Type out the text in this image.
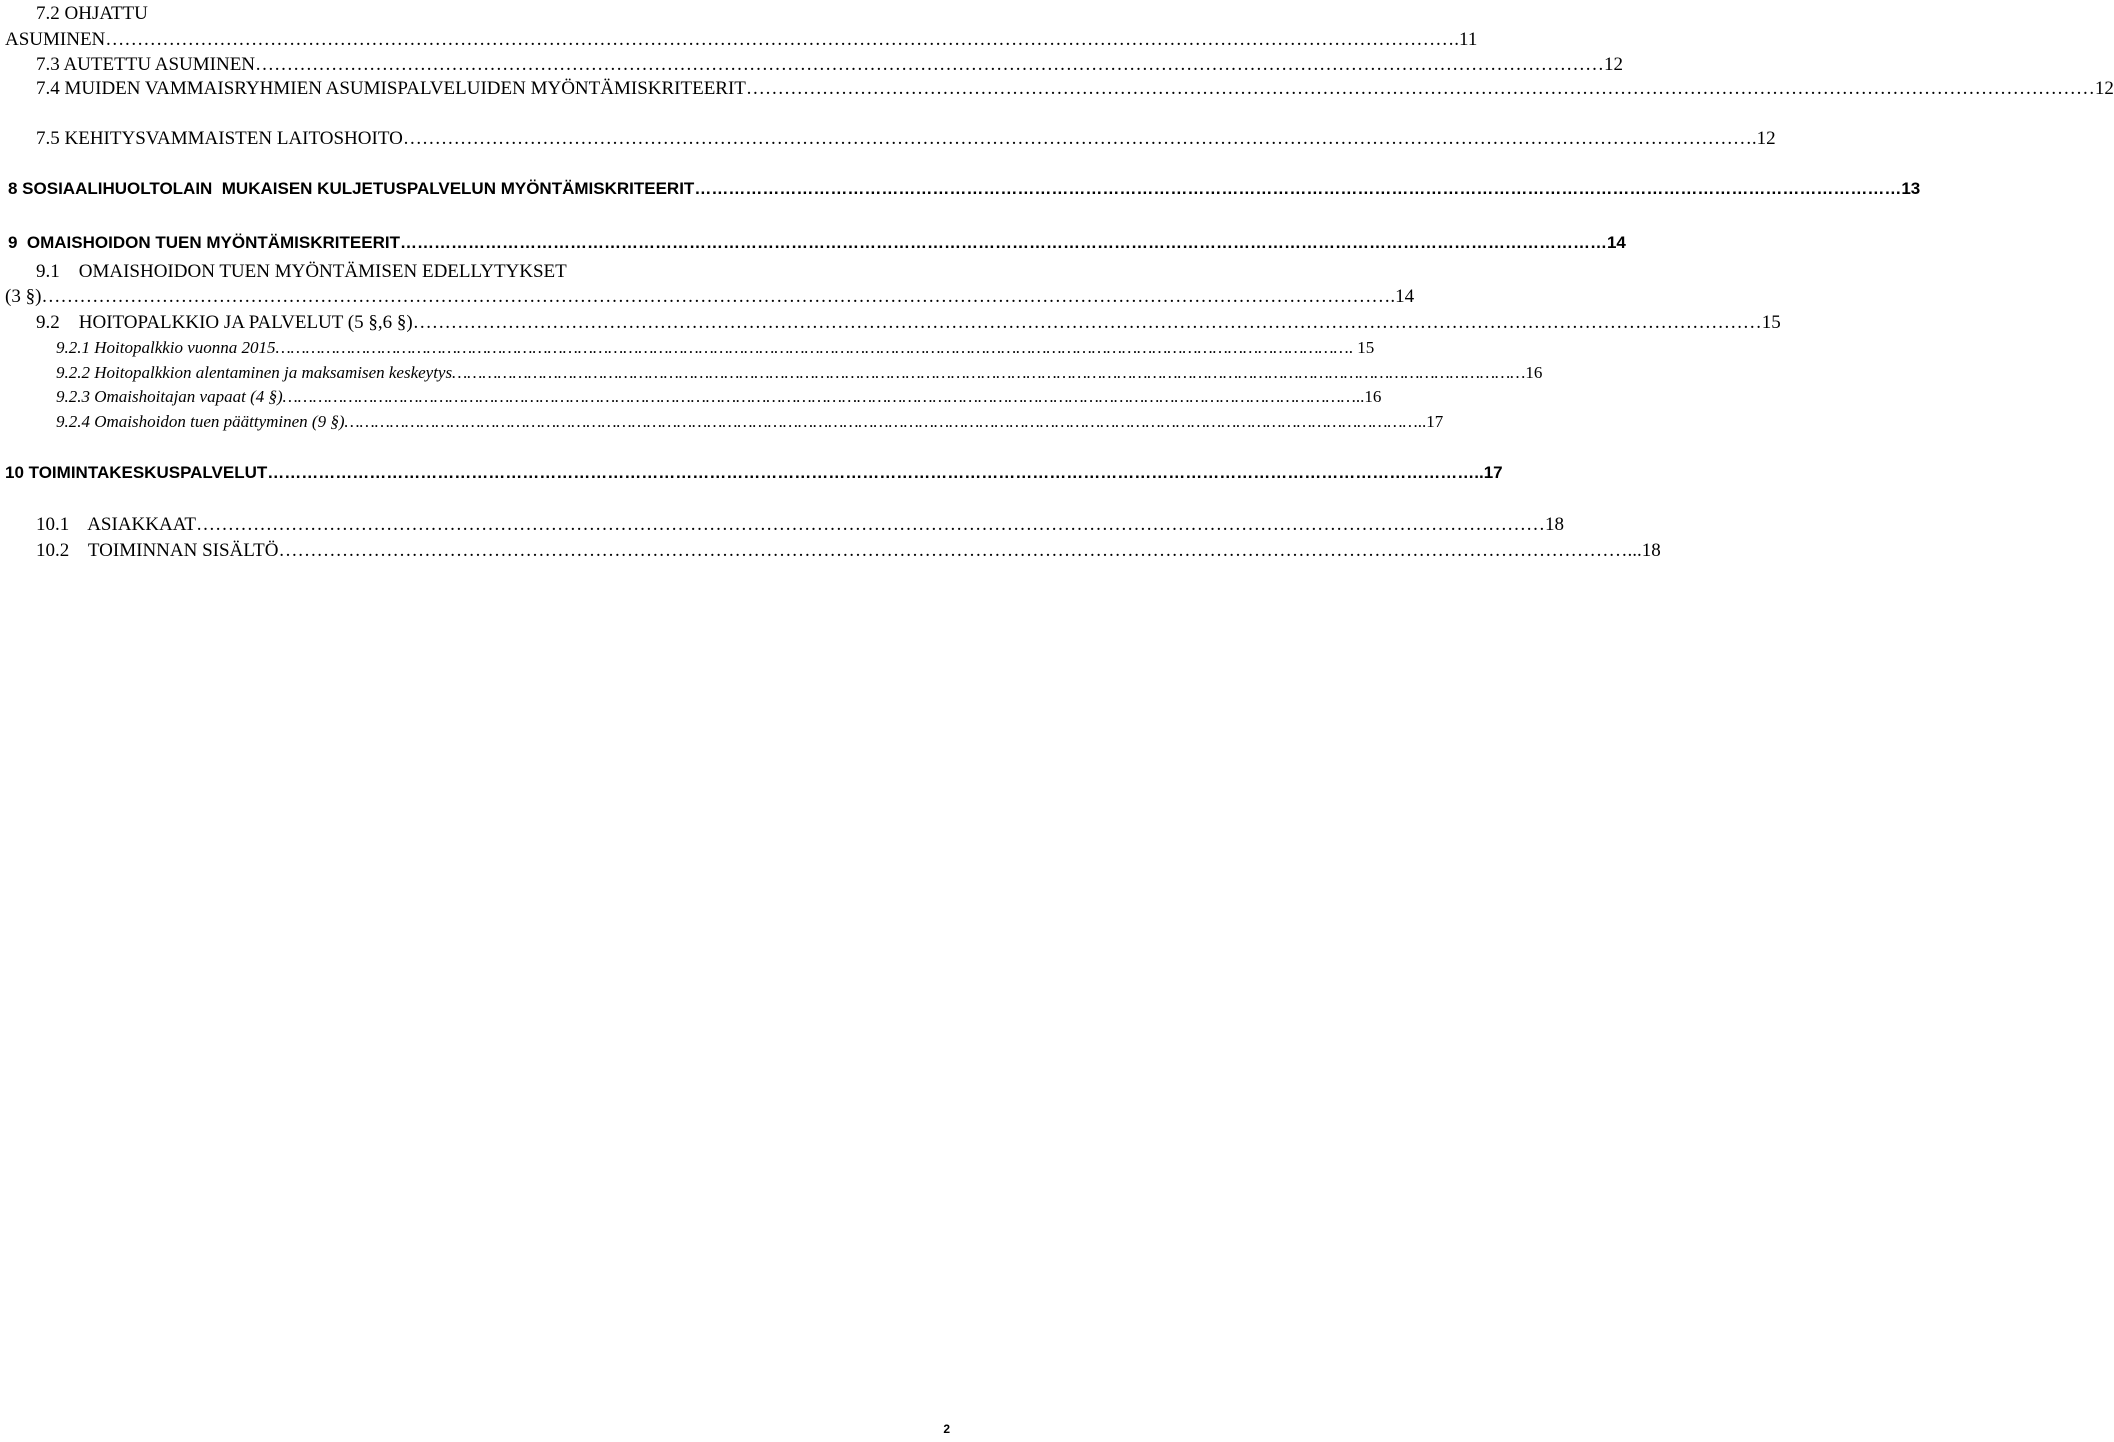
7.2 OHJATTU
ASUMINEN ……………………………………………………………………………………………………………………………………………………………………………………………	.11
7.3 AUTETTU ASUMINEN ……………………………………………………………………………………………………………………………………………………………………………………………	12
7.4 MUIDEN VAMMAISRYHMIEN ASUMISPALVELUIDEN MYÖNTÄMISKRITEERIT ……………………………………………………………………………………………………………………………………………………………………………………………	12
7.5 KEHITYSVAMMAISTEN LAITOSHOITO ……………………………………………………………………………………………………………………………………………………………………………………………	.12
8 SOSIAALIHUOLTOLAIN  MUKAISEN KULJETUSPALVELUN MYÖNTÄMISKRITEERIT ……………………………………………………………………………………………………………………………………………………………………………………………	13
9  OMAISHOIDON TUEN MYÖNTÄMISKRITEERIT ……………………………………………………………………………………………………………………………………………………………………………………………	14
9.1    OMAISHOIDON TUEN MYÖNTÄMISEN EDELLYTYKSET
(3 §) ……………………………………………………………………………………………………………………………………………………………………………………………	.14
9.2    HOITOPALKKIO JA PALVELUT (5 §,6 §) ……………………………………………………………………………………………………………………………………………………………………………………………	15
9.2.1 Hoitopalkkio vuonna 2015 ……………………………………………………………………………………………………………………………………………………………………………………………	. 15
9.2.2 Hoitopalkkion alentaminen ja maksamisen keskeytys ……………………………………………………………………………………………………………………………………………………………………………………………	16
9.2.3 Omaishoitajan vapaat (4 §) ……………………………………………………………………………………………………………………………………………………………………………………………	..16
9.2.4 Omaishoidon tuen päättyminen (9 §) ……………………………………………………………………………………………………………………………………………………………………………………………	..17
10 TOIMINTAKESKUSPALVELUT ……………………………………………………………………………………………………………………………………………………………………………………………	..17
10.1    ASIAKKAAT ……………………………………………………………………………………………………………………………………………………………………………………………	18
10.2    TOIMINNAN SISÄLTÖ ……………………………………………………………………………………………………………………………………………………………………………………………	...18
2
